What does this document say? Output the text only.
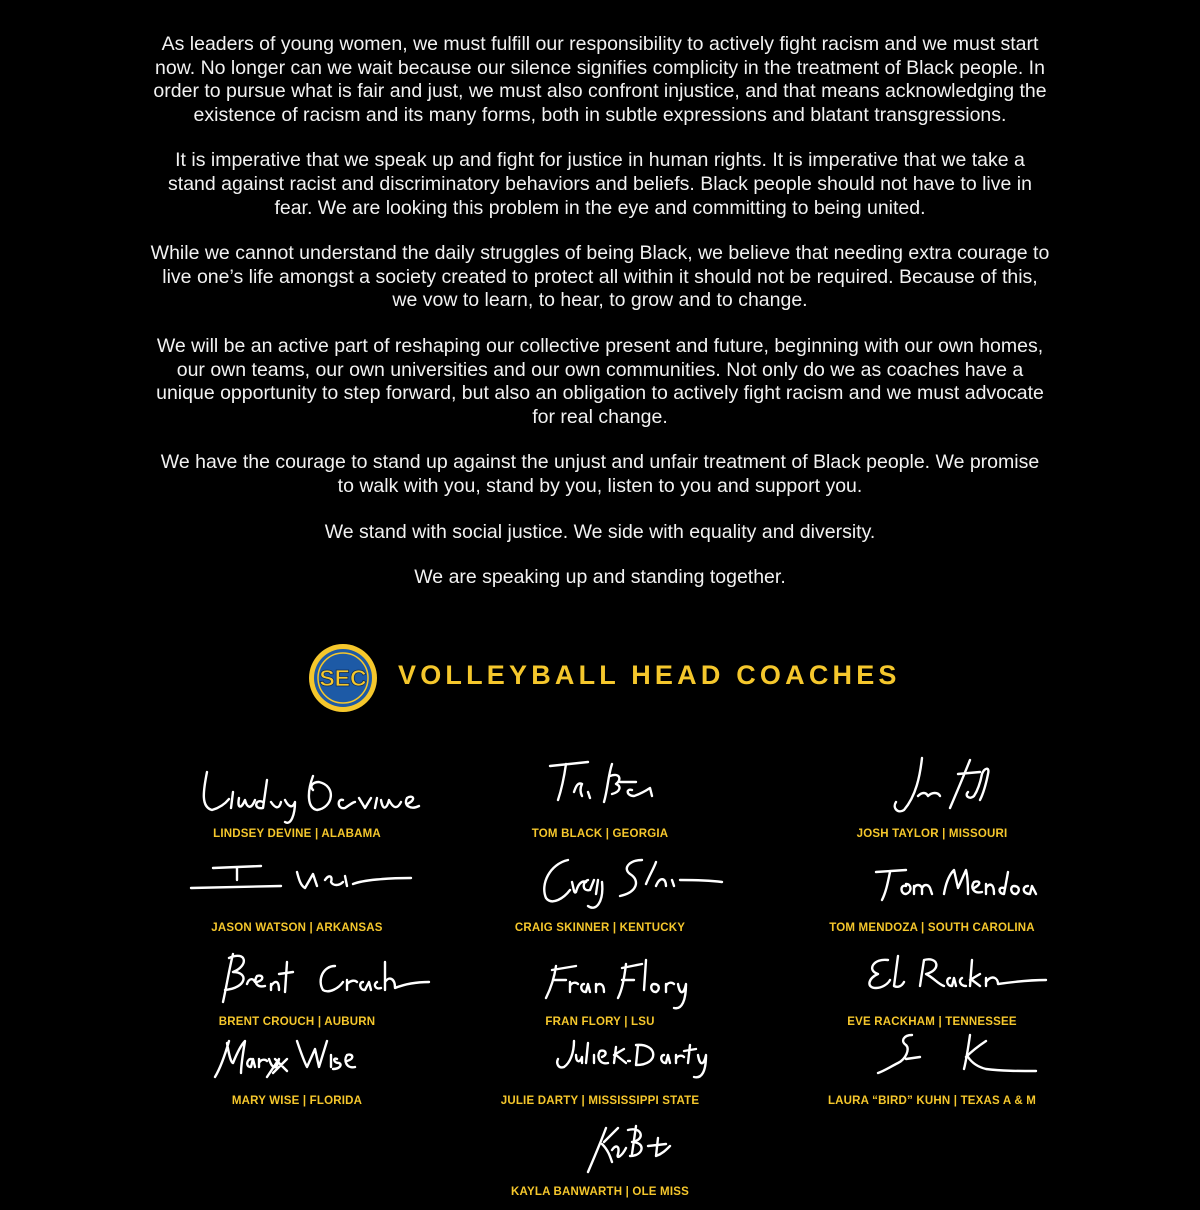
As leaders of young women, we must fulfill our responsibility to actively fight racism and we must start now. No longer can we wait because our silence signifies complicity in the treatment of Black people. In order to pursue what is fair and just, we must also confront injustice, and that means acknowledging the existence of racism and its many forms, both in subtle expressions and blatant transgressions.

It is imperative that we speak up and fight for justice in human rights. It is imperative that we take a stand against racist and discriminatory behaviors and beliefs. Black people should not have to live in fear. We are looking this problem in the eye and committing to being united.

While we cannot understand the daily struggles of being Black, we believe that needing extra courage to live one’s life amongst a society created to protect all within it should not be required. Because of this, we vow to learn, to hear, to grow and to change.

We will be an active part of reshaping our collective present and future, beginning with our own homes, our own teams, our own universities and our own communities. Not only do we as coaches have a unique opportunity to step forward, but also an obligation to actively fight racism and we must advocate for real change.

We have the courage to stand up against the unjust and unfair treatment of Black people. We promise to walk with you, stand by you, listen to you and support you.

We stand with social justice. We side with equality and diversity.

We are speaking up and standing together.

SEC VOLLEYBALL HEAD COACHES
LINDSEY DEVINE | ALABAMA	TOM BLACK | GEORGIA	JOSH TAYLOR | MISSOURI
JASON WATSON | ARKANSAS	CRAIG SKINNER | KENTUCKY	TOM MENDOZA | SOUTH CAROLINA
BRENT CROUCH | AUBURN	FRAN FLORY | LSU	EVE RACKHAM | TENNESSEE
MARY WISE | FLORIDA	JULIE DARTY | MISSISSIPPI STATE	LAURA “BIRD” KUHN | TEXAS A & M
KAYLA BANWARTH | OLE MISS
